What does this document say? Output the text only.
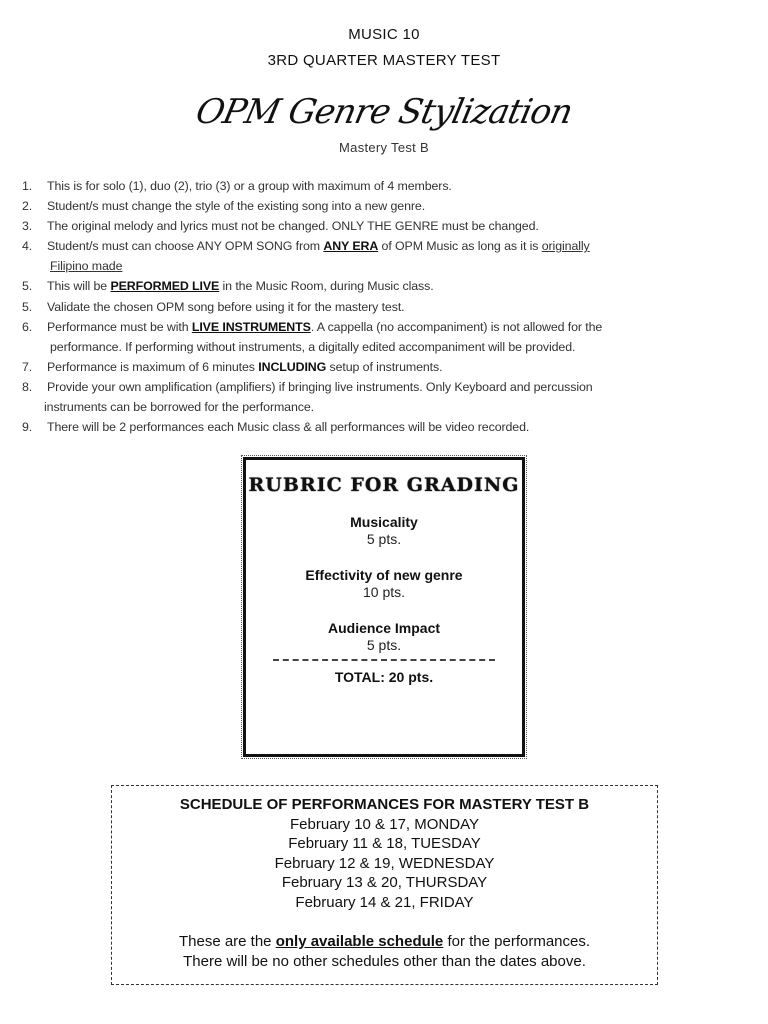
MUSIC 10
3RD QUARTER MASTERY TEST
OPM Genre Stylization
Mastery Test B
1. This is for solo (1), duo (2), trio (3) or a group with maximum of 4 members.
2. Student/s must change the style of the existing song into a new genre.
3. The original melody and lyrics must not be changed. ONLY THE GENRE must be changed.
4. Student/s must can choose ANY OPM SONG from ANY ERA of OPM Music as long as it is originally
Filipino made
5. This will be PERFORMED LIVE in the Music Room, during Music class.
5. Validate the chosen OPM song before using it for the mastery test.
6. Performance must be with LIVE INSTRUMENTS. A cappella (no accompaniment) is not allowed for the
performance. If performing without instruments, a digitally edited accompaniment will be provided.
7. Performance is maximum of 6 minutes INCLUDING setup of instruments.
8. Provide your own amplification (amplifiers) if bringing live instruments. Only Keyboard and percussion
instruments can be borrowed for the performance.
9. There will be 2 performances each Music class & all performances will be video recorded.
RUBRIC FOR GRADING
Musicality
5 pts.
Effectivity of new genre
10 pts.
Audience Impact
5 pts.
TOTAL: 20 pts.
SCHEDULE OF PERFORMANCES FOR MASTERY TEST B
February 10 & 17, MONDAY
February 11 & 18, TUESDAY
February 12 & 19, WEDNESDAY
February 13 & 20, THURSDAY
February 14 & 21, FRIDAY
These are the only available schedule for the performances.
There will be no other schedules other than the dates above.
